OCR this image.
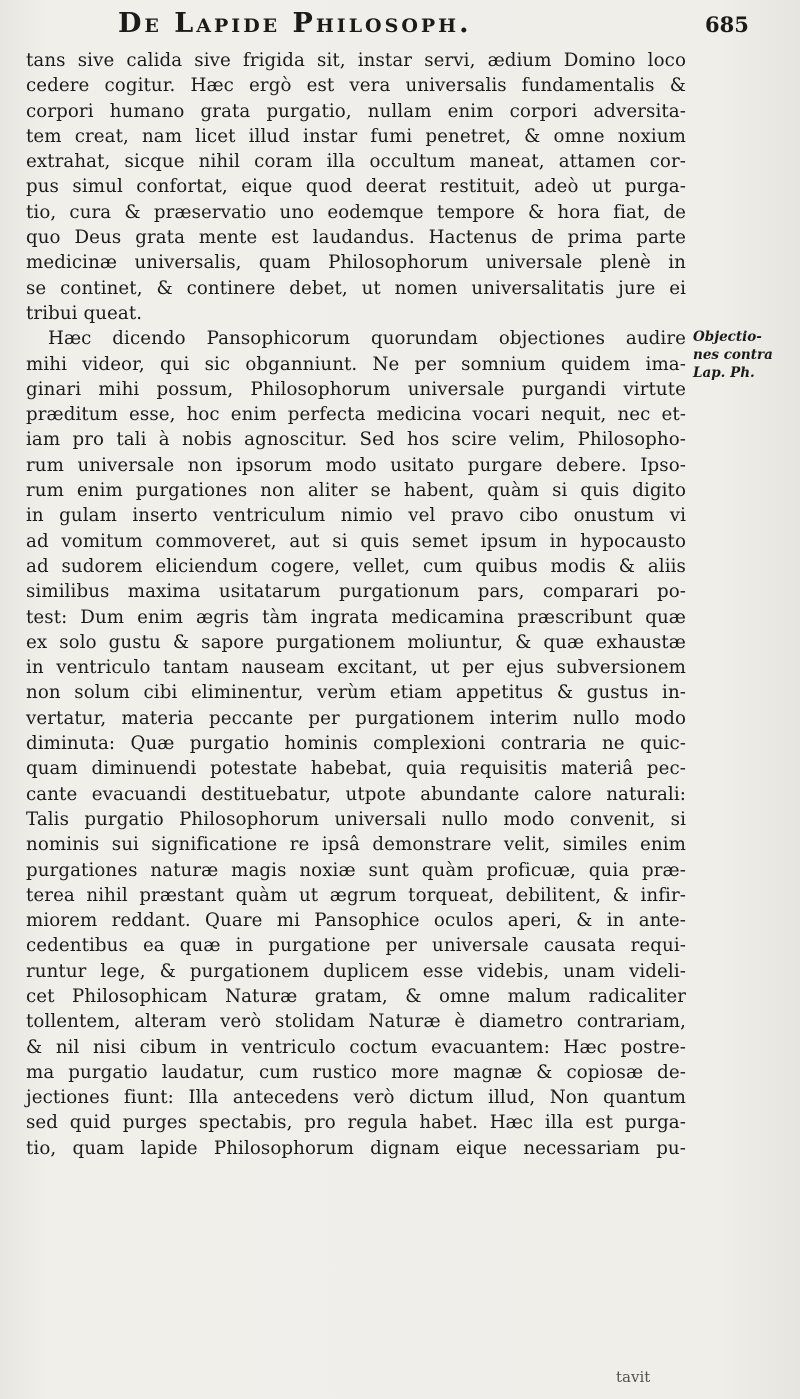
De Lapide Philosoph.	685
tans sive calida sive frigida sit, instar servi, ædium Domino loco
cedere cogitur. Hæc ergò est vera universalis fundamentalis &
corpori humano grata purgatio, nullam enim corpori adversita-
tem creat, nam licet illud instar fumi penetret, & omne noxium
extrahat, sicque nihil coram illa occultum maneat, attamen cor-
pus simul confortat, eique quod deerat restituit, adeò ut purga-
tio, cura & præservatio uno eodemque tempore & hora fiat, de
quo Deus grata mente est laudandus. Hactenus de prima parte
medicinæ universalis, quam Philosophorum universale plenè in
se continet, & continere debet, ut nomen universalitatis jure ei
tribui queat.
Hæc dicendo Pansophicorum quorundam objectiones audire
mihi videor, qui sic obganniunt. Ne per somnium quidem ima-
ginari mihi possum, Philosophorum universale purgandi virtute
præditum esse, hoc enim perfecta medicina vocari nequit, nec et-
iam pro tali à nobis agnoscitur. Sed hos scire velim, Philosopho-
rum universale non ipsorum modo usitato purgare debere. Ipso-
rum enim purgationes non aliter se habent, quàm si quis digito
in gulam inserto ventriculum nimio vel pravo cibo onustum vi
ad vomitum commoveret, aut si quis semet ipsum in hypocausto
ad sudorem eliciendum cogere, vellet, cum quibus modis & aliis
similibus maxima usitatarum purgationum pars, comparari po-
test: Dum enim ægris tàm ingrata medicamina præscribunt quæ
ex solo gustu & sapore purgationem moliuntur, & quæ exhaustæ
in ventriculo tantam nauseam excitant, ut per ejus subversionem
non solum cibi eliminentur, verùm etiam appetitus & gustus in-
vertatur, materia peccante per purgationem interim nullo modo
diminuta: Quæ purgatio hominis complexioni contraria ne quic-
quam diminuendi potestate habebat, quia requisitis materiâ pec-
cante evacuandi destituebatur, utpote abundante calore naturali:
Talis purgatio Philosophorum universali nullo modo convenit, si
nominis sui significatione re ipsâ demonstrare velit, similes enim
purgationes naturæ magis noxiæ sunt quàm proficuæ, quia præ-
terea nihil præstant quàm ut ægrum torqueat, debilitent, & infir-
miorem reddant. Quare mi Pansophice oculos aperi, & in ante-
cedentibus ea quæ in purgatione per universale causata requi-
runtur lege, & purgationem duplicem esse videbis, unam videli-
cet Philosophicam Naturæ gratam, & omne malum radicaliter
tollentem, alteram verò stolidam Naturæ è diametro contrariam,
& nil nisi cibum in ventriculo coctum evacuantem: Hæc postre-
ma purgatio laudatur, cum rustico more magnæ & copiosæ de-
jectiones fiunt: Illa antecedens verò dictum illud, Non quantum
sed quid purges spectabis, pro regula habet. Hæc illa est purga-
tio, quam lapide Philosophorum dignam eique necessariam pu-
Objectio-
nes contra
Lap. Ph.
tavit
